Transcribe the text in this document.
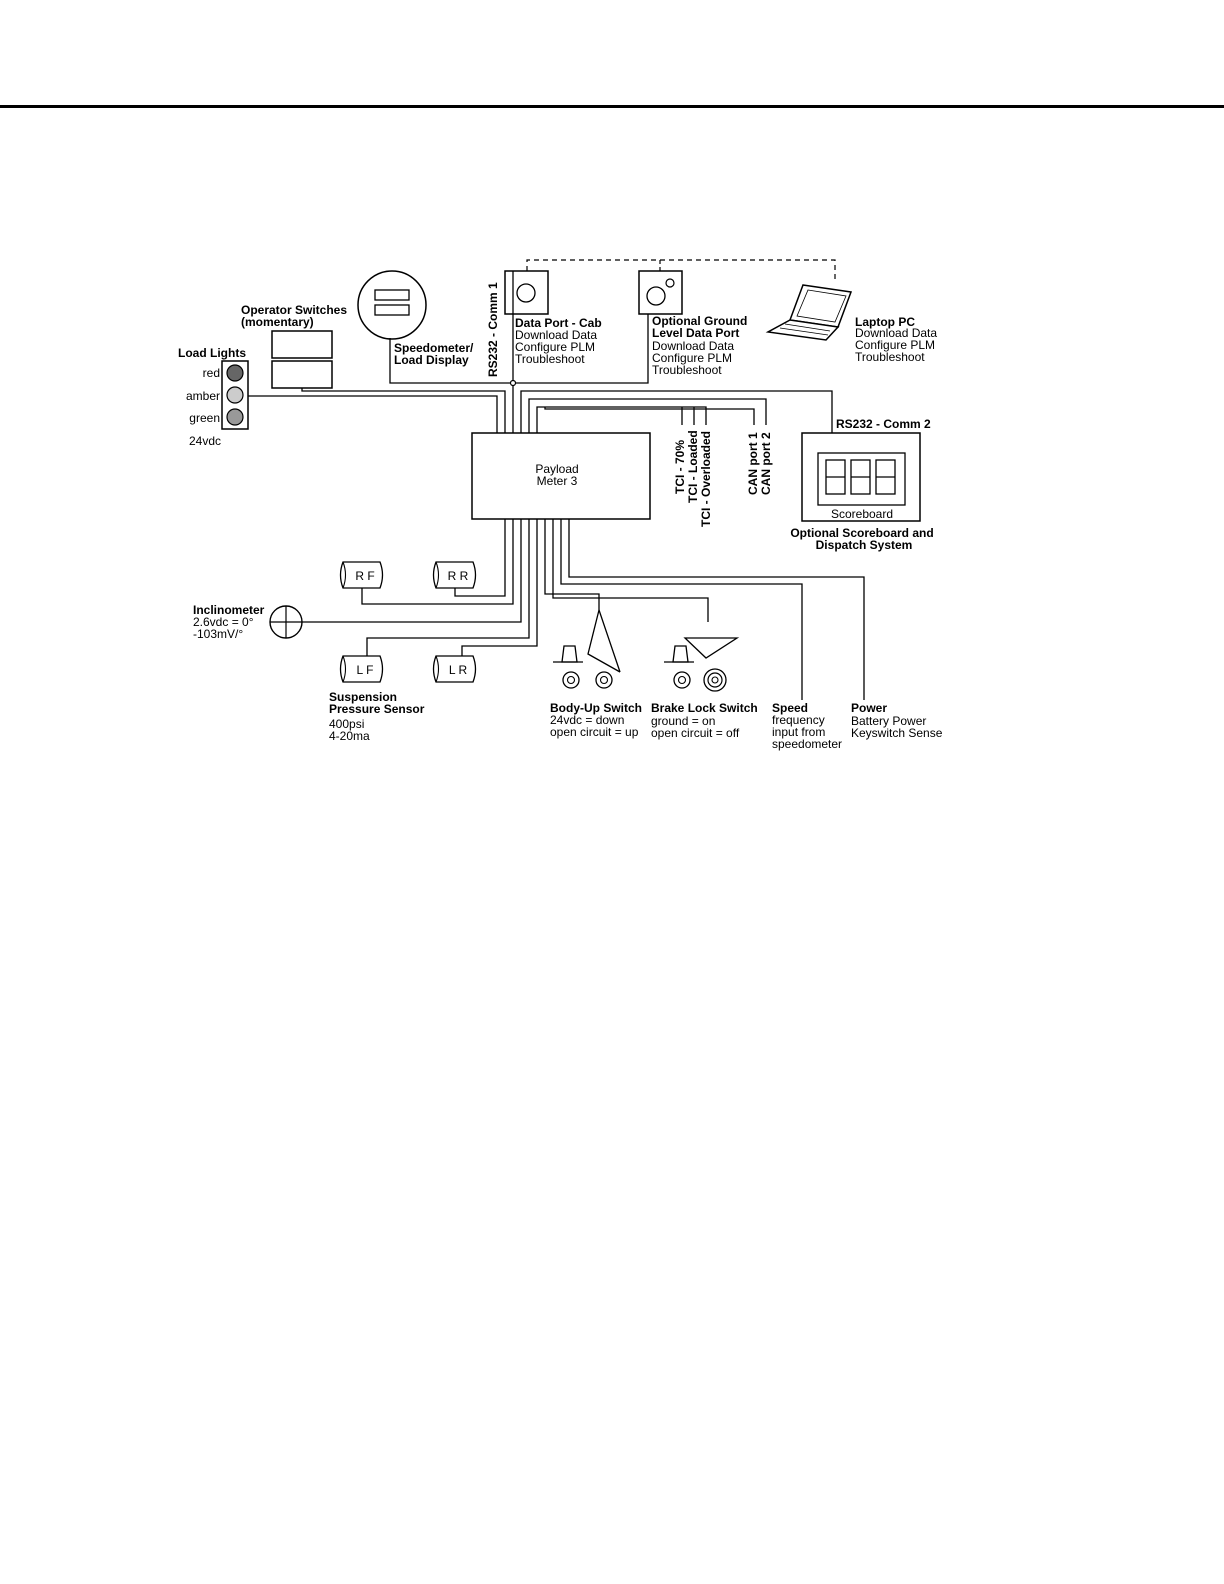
Payload
Meter 3
Load Lights
red
amber
green
24vdc
Operator Switches
(momentary)
Speedometer/
Load Display RS232 - Comm 1 Data Port - Cab
Download Data
Configure PLM
Troubleshoot
Optional Ground
Level Data Port
Download Data
Configure PLM
Troubleshoot
Laptop PC
Download Data
Configure PLM
Troubleshoot
Scoreboard
RS232 - Comm 2
Optional Scoreboard and
Dispatch System
TCI - 70% TCI - Loaded TCI - Overloaded	CAN port 1 CAN port 2
R F	R R
L F	L R
Inclinometer
2.6vdc = 0°
-103mV/°
Suspension
Pressure Sensor
400psi
4-20ma
Body-Up Switch
24vdc = down
open circuit = up
Brake Lock Switch
ground = on
open circuit = off
Speed
frequency
input from
speedometer
Power
Battery Power
Keyswitch Sense
